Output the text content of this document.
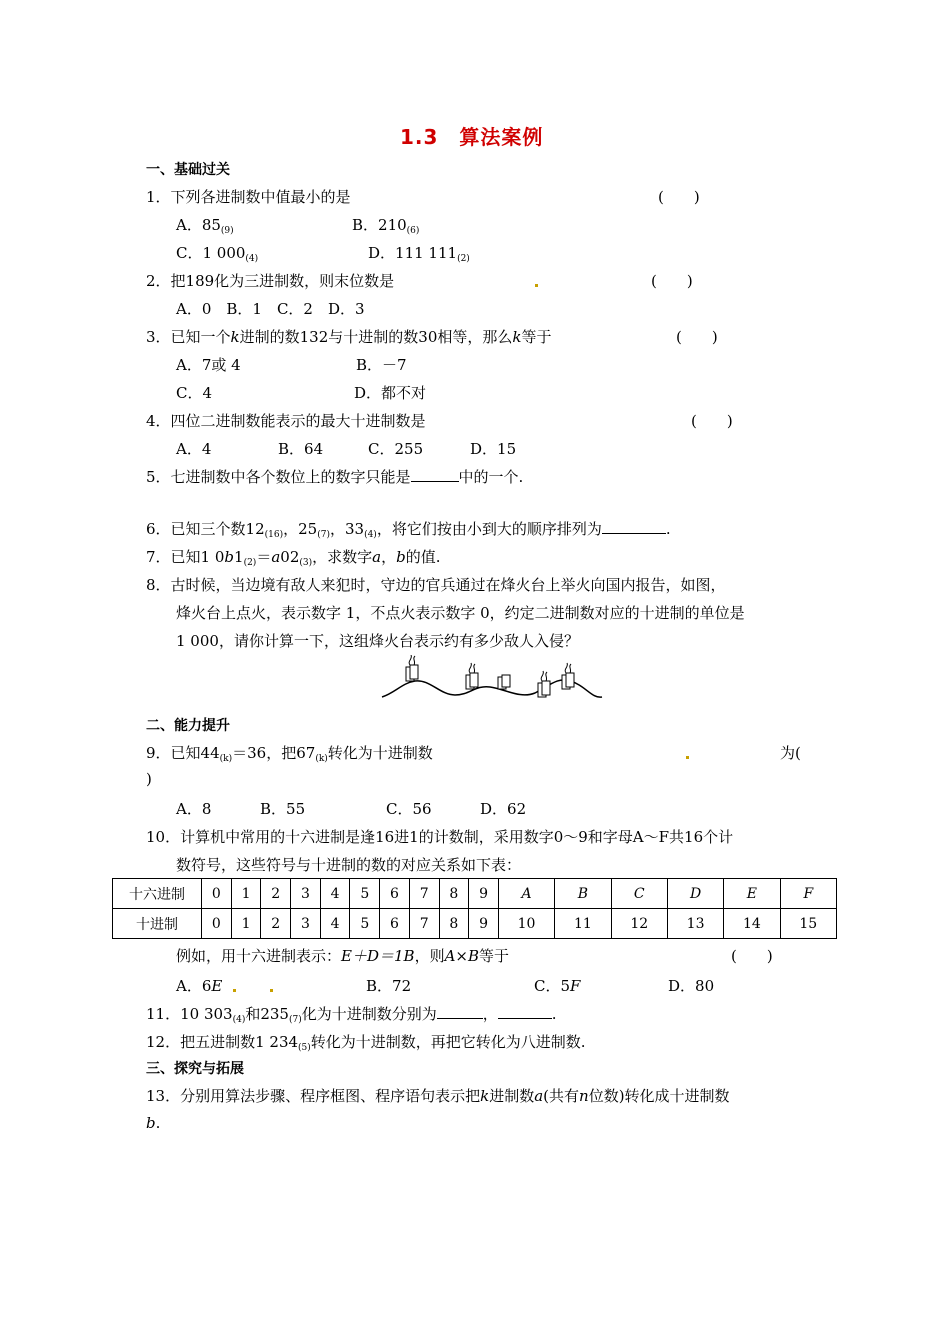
1.3　算法案例
一、基础过关
1．下列各进制数中值最小的是	(　　)
A．$85_{(9)}$	B．$210_{(6)}$
C．1 $000_{(4)}$	D．111 $111_{(2)}$
2．把189化为三进制数，则末位数是	(　　)
A．0　B．1　C．2　D．3
3．已知一个k进制的数132与十进制的数30相等，那么k等于	(　　)
A．7或 4	B．－7
C．4	D．都不对
4．四位二进制数能表示的最大十进制数是	(　　)
A．4	B．64	C．255	D．15
5．七进制数中各个数位上的数字只能是	中的一个.
6．已知三个数$12_{(16)}$，$25_{(7)}$，$33_{(4)}$，将它们按由小到大的顺序排列为	.
7．已知1 $0b1_{(2)}=a02_{(3)}$，求数字a，b的值.
8．古时候，当边境有敌人来犯时，守边的官兵通过在烽火台上举火向国内报告，如图，
烽火台上点火，表示数字 1，不点火表示数字 0，约定二进制数对应的十进制的单位是
1 000，请你计算一下，这组烽火台表示约有多少敌人入侵？
二、能力提升
9．已知$44_{(k)}=36$，把$67_{(k)}$转化为十进制数	为(
)
A．8	B．55	C．56	D．62
10．计算机中常用的十六进制是逢16进1的计数制，采用数字0～9和字母A～F共16个计
数符号，这些符号与十进制的数的对应关系如下表：
十六进制	0	1	2	3	4	5	6	7	8	9	A	B	C	D	E	F
十进制	0	1	2	3	4	5	6	7	8	9	10	11	12	13	14	15
例如，用十六进制表示：E＋D＝1B，则A×B等于	(　　)
A．6E	B．72	C．5F	D．80
11．10 $303_{(4)}$和$235_{(7)}$化为十进制数分别为	，	.
12．把五进制数1 $234_{(5)}$转化为十进制数，再把它转化为八进制数.
三、探究与拓展
13．分别用算法步骤、程序框图、程序语句表示把k进制数a(共有n位数)转化成十进制数
b.
